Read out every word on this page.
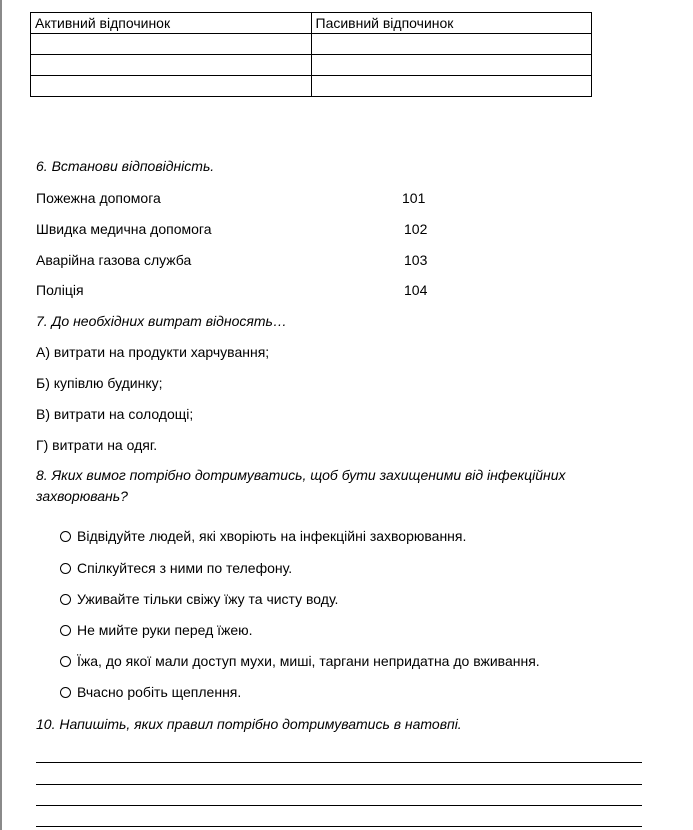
Активний відпочинок	Пасивний відпочинок

6. Встанови відповідність.
Пожежна допомога	101
Швидка медична допомога	102
Аварійна газова служба	103
Поліція	104
7. До необхідних витрат відносять…
А) витрати на продукти харчування;
Б) купівлю будинку;
В) витрати на солодощі;
Г) витрати на одяг.
8. Яких вимог потрібно дотримуватись, щоб бути захищеними від інфекційних
захворювань?
Відвідуйте людей, які хворіють на інфекційні захворювання.
Спілкуйтеся з ними по телефону.
Уживайте тільки свіжу їжу та чисту воду.
Не мийте руки перед їжею.
Їжа, до якої мали доступ мухи, миші, таргани непридатна до вживання.
Вчасно робіть щеплення.
10. Напишіть, яких правил потрібно дотримуватись в натовпі.
